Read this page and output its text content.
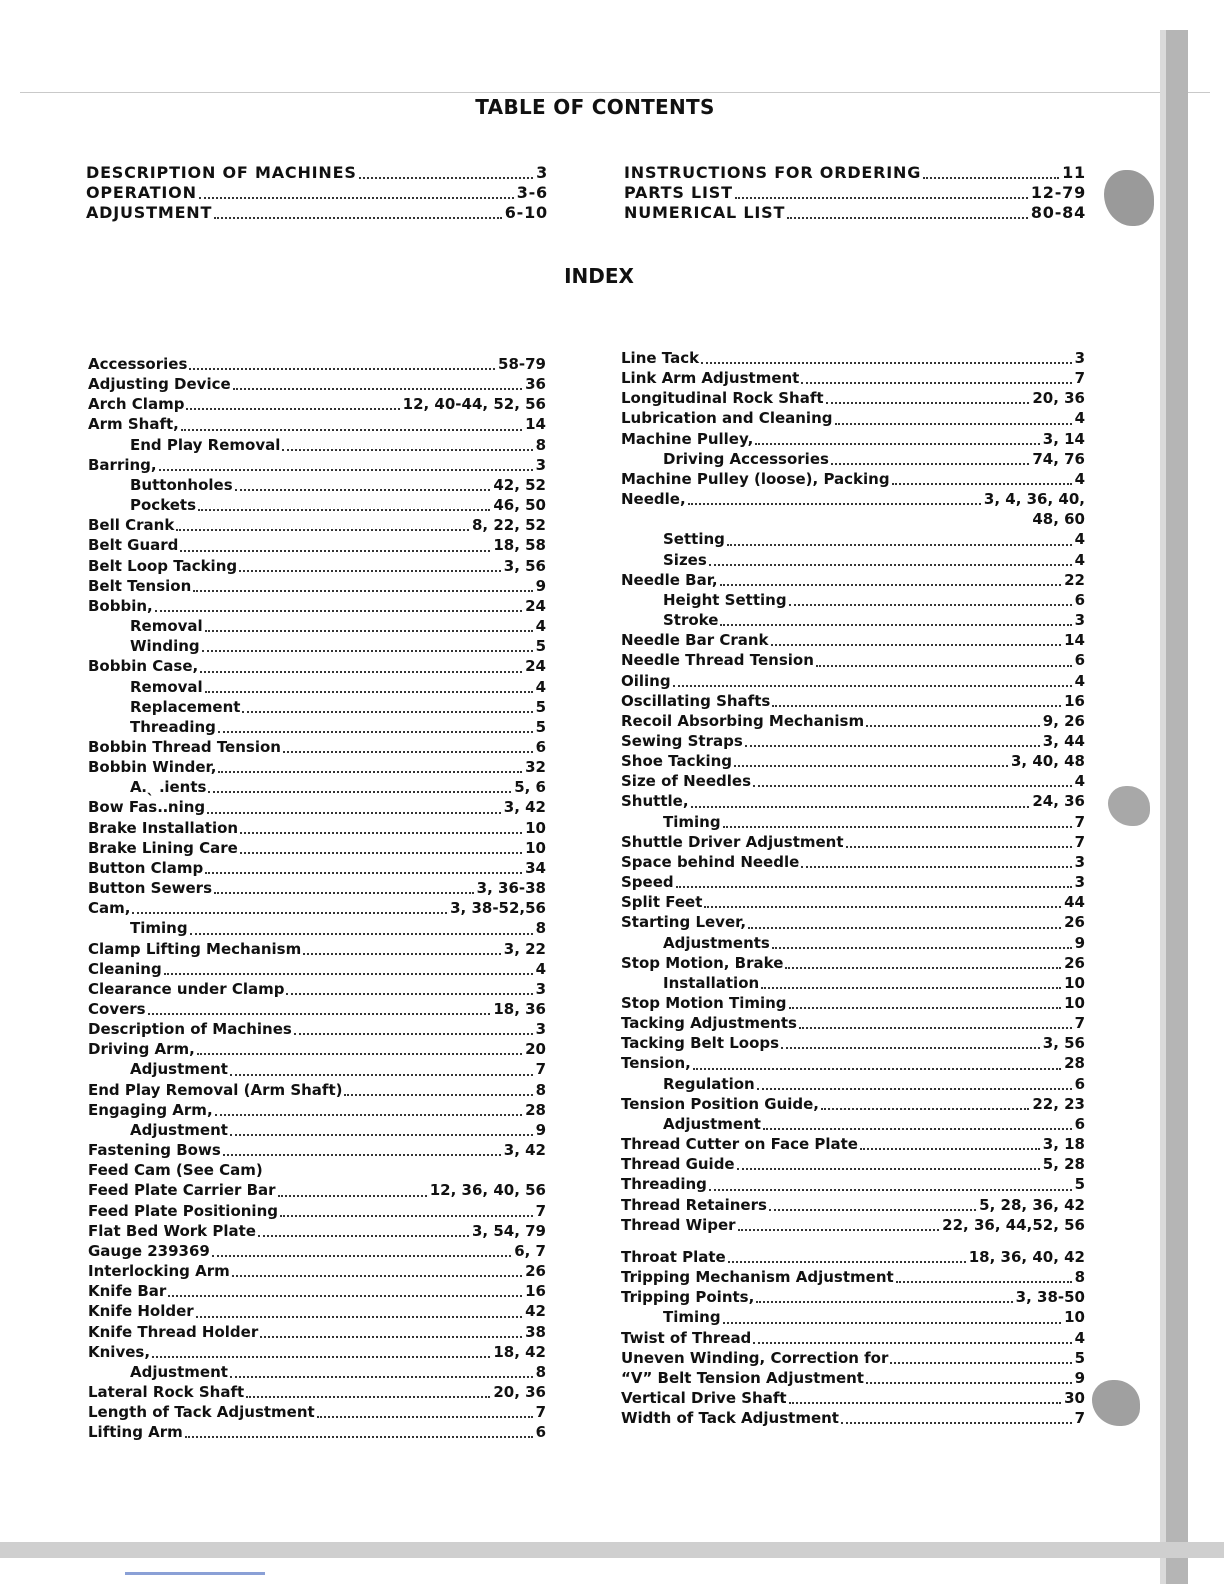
TABLE OF CONTENTS
DESCRIPTION OF MACHINES	3
OPERATION	3-6
ADJUSTMENT	6-10
INSTRUCTIONS FOR ORDERING	11
PARTS LIST	12-79
NUMERICAL LIST	80-84
INDEX
Accessories	58-79
Adjusting Device	36
Arch Clamp	12, 40-44, 52, 56
Arm Shaft,	14
End Play Removal	8
Barring,	3
Buttonholes	42, 52
Pockets	46, 50
Bell Crank	8, 22, 52
Belt Guard	18, 58
Belt Loop Tacking	3, 56
Belt Tension	9
Bobbin,	24
Removal	4
Winding	5
Bobbin Case,	24
Removal	4
Replacement	5
Threading	5
Bobbin Thread Tension	6
Bobbin Winder,	32
A․ˎ ․ients	5, 6
Bow Fas.․ning	3, 42
Brake Installation	10
Brake Lining Care	10
Button Clamp	34
Button Sewers	3, 36-38
Cam,	3, 38-52,56
Timing	8
Clamp Lifting Mechanism	3, 22
Cleaning	4
Clearance under Clamp	3
Covers	18, 36
Description of Machines	3
Driving Arm,	20
Adjustment	7
End Play Removal (Arm Shaft)	8
Engaging Arm,	28
Adjustment	9
Fastening Bows	3, 42
Feed Cam (See Cam)
Feed Plate Carrier Bar	12, 36, 40, 56
Feed Plate Positioning	7
Flat Bed Work Plate	3, 54, 79
Gauge 239369	6, 7
Interlocking Arm	26
Knife Bar	16
Knife Holder	42
Knife Thread Holder	38
Knives,	18, 42
Adjustment	8
Lateral Rock Shaft	20, 36
Length of Tack Adjustment	7
Lifting Arm	6
Line Tack	3
Link Arm Adjustment	7
Longitudinal Rock Shaft	20, 36
Lubrication and Cleaning	4
Machine Pulley,	3, 14
Driving Accessories	74, 76
Machine Pulley (loose), Packing	4
Needle,	3, 4, 36, 40,
48, 60
Setting	4
Sizes	4
Needle Bar,	22
Height Setting	6
Stroke	3
Needle Bar Crank	14
Needle Thread Tension	6
Oiling	4
Oscillating Shafts	16
Recoil Absorbing Mechanism	9, 26
Sewing Straps	3, 44
Shoe Tacking	3, 40, 48
Size of Needles	4
Shuttle,	24, 36
Timing	7
Shuttle Driver Adjustment	7
Space behind Needle	3
Speed	3
Split Feet	44
Starting Lever,	26
Adjustments	9
Stop Motion, Brake	26
Installation	10
Stop Motion Timing	10
Tacking Adjustments	7
Tacking Belt Loops	3, 56
Tension,	28
Regulation	6
Tension Position Guide,	22, 23
Adjustment	6
Thread Cutter on Face Plate	3, 18
Thread Guide	5, 28
Threading	5
Thread Retainers	5, 28, 36, 42
Thread Wiper	22, 36, 44,52, 56
Throat Plate	18, 36, 40, 42
Tripping Mechanism Adjustment	8
Tripping Points,	3, 38-50
Timing	10
Twist of Thread	4
Uneven Winding, Correction for	5
“V” Belt Tension Adjustment	9
Vertical Drive Shaft	30
Width of Tack Adjustment	7
